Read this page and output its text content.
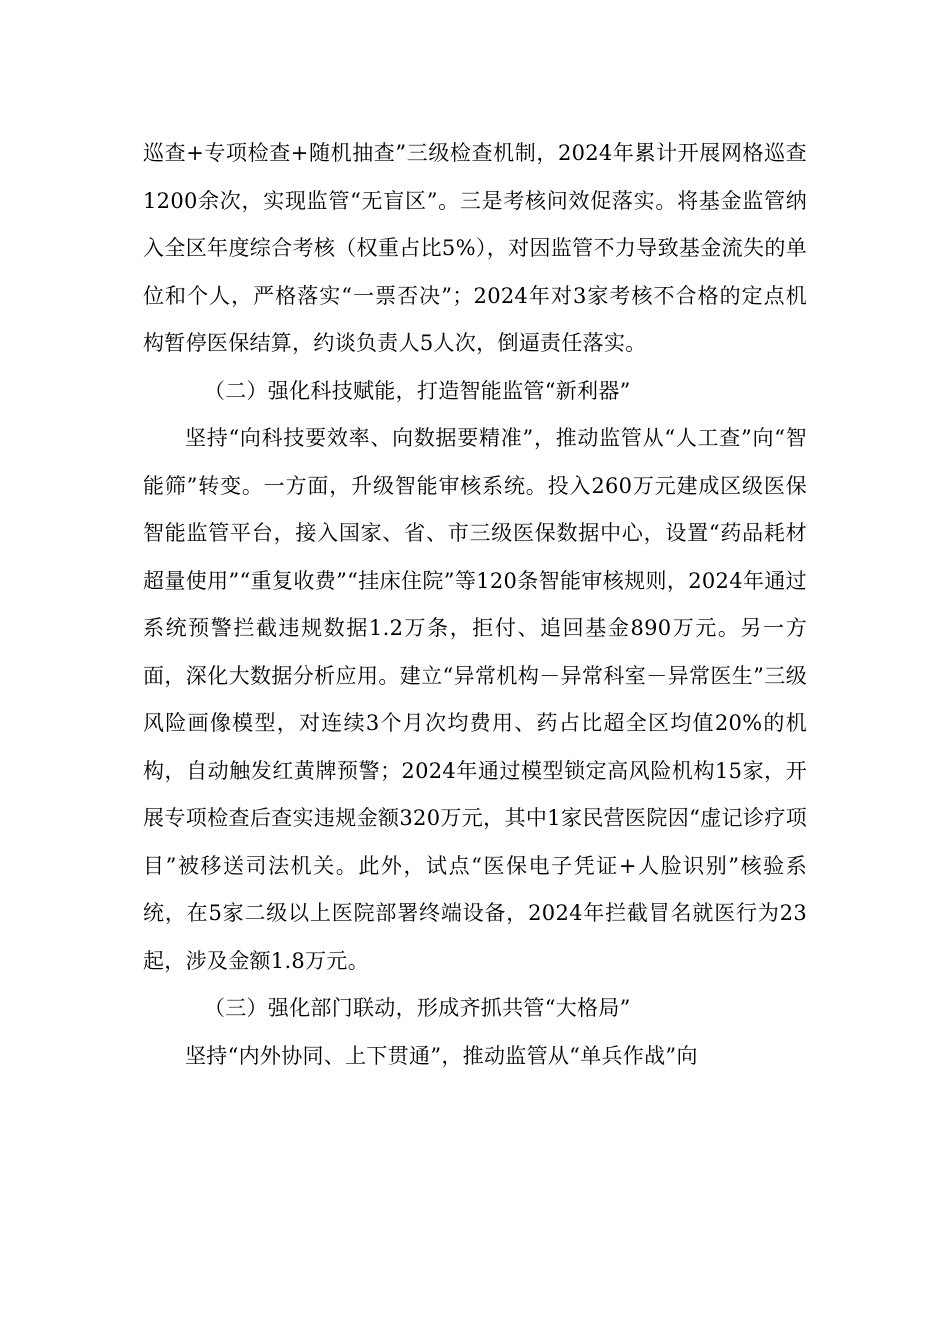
巡查+专项检查+随机抽查”三级检查机制，2024年累计开展网格巡查1200余次，实现监管“无盲区”。三是考核问效促落实。将基金监管纳入全区年度综合考核（权重占比5%），对因监管不力导致基金流失的单位和个人，严格落实“一票否决”；2024年对3家考核不合格的定点机构暂停医保结算，约谈负责人5人次，倒逼责任落实。

（二）强化科技赋能，打造智能监管“新利器”

坚持“向科技要效率、向数据要精准”，推动监管从“人工查”向“智能筛”转变。一方面，升级智能审核系统。投入260万元建成区级医保智能监管平台，接入国家、省、市三级医保数据中心，设置“药品耗材超量使用”“重复收费”“挂床住院”等120条智能审核规则，2024年通过系统预警拦截违规数据1.2万条，拒付、追回基金890万元。另一方面，深化大数据分析应用。建立“异常机构－异常科室－异常医生”三级风险画像模型，对连续3个月次均费用、药占比超全区均值20%的机构，自动触发红黄牌预警；2024年通过模型锁定高风险机构15家，开展专项检查后查实违规金额320万元，其中1家民营医院因“虚记诊疗项目”被移送司法机关。此外，试点“医保电子凭证+人脸识别”核验系统，在5家二级以上医院部署终端设备，2024年拦截冒名就医行为23起，涉及金额1.8万元。

（三）强化部门联动，形成齐抓共管“大格局”

坚持“内外协同、上下贯通”，推动监管从“单兵作战”向
